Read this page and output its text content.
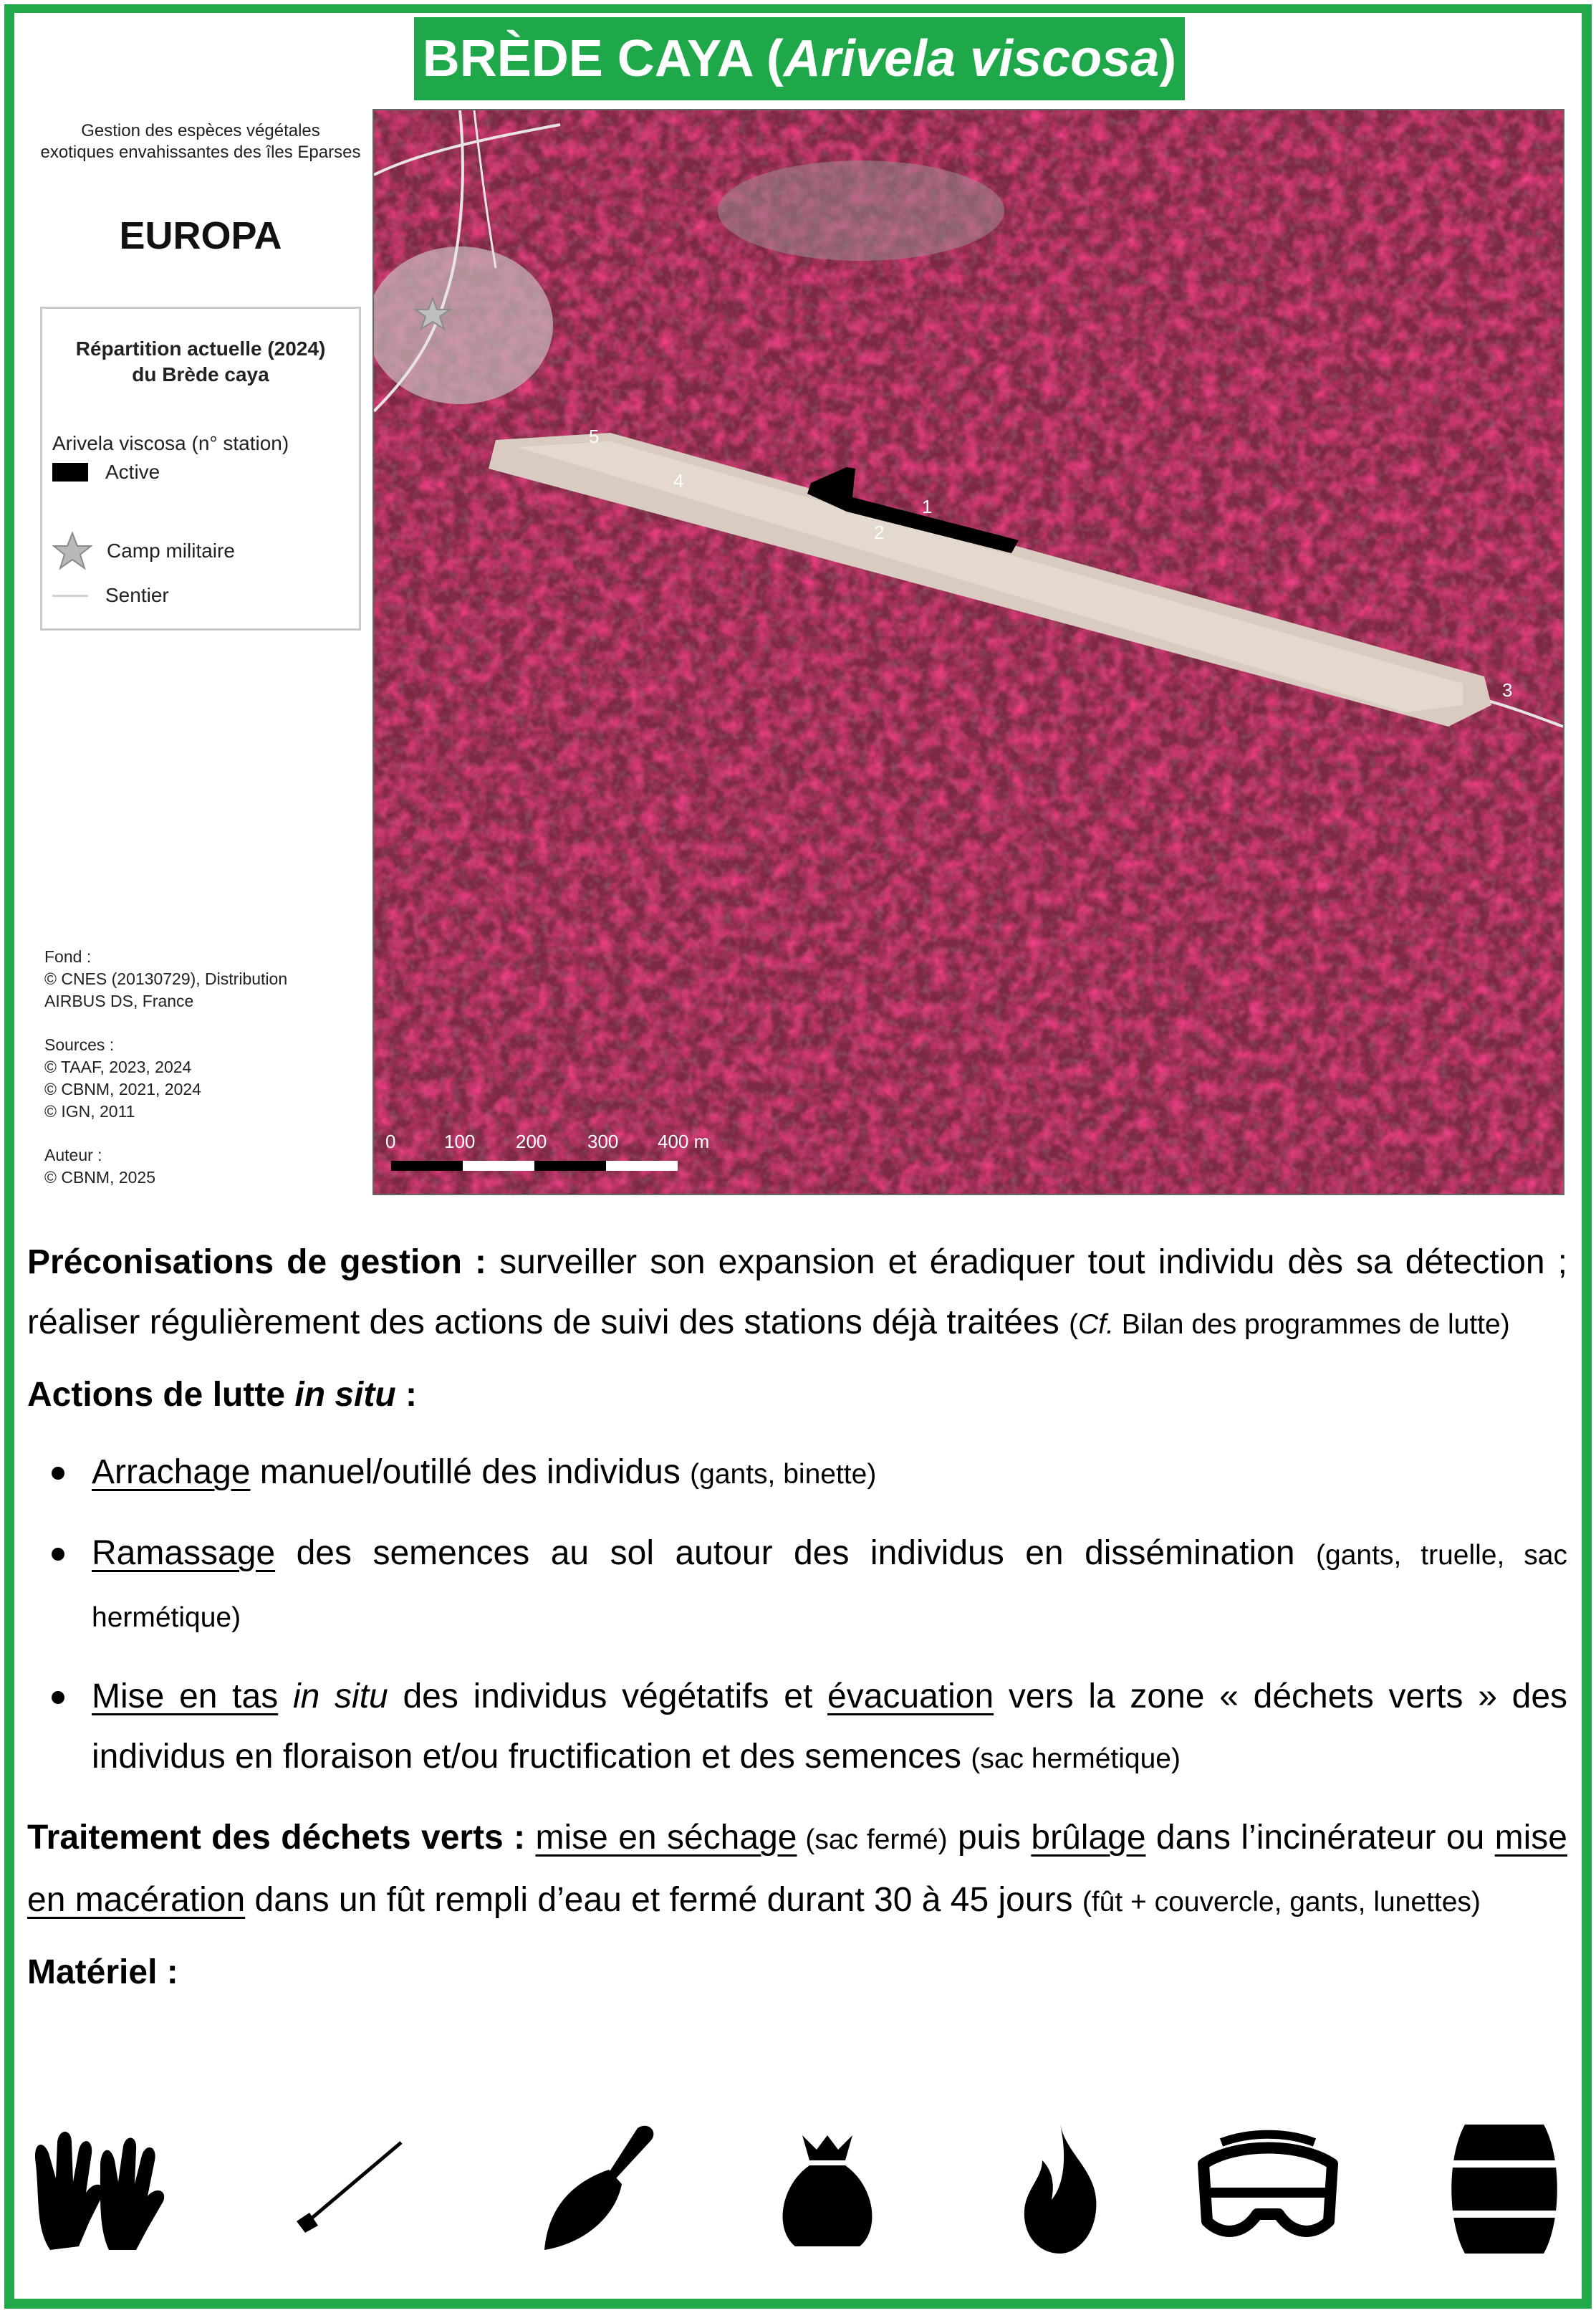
BRÈDE CAYA (Arivela viscosa)
Gestion des espèces végétales
exotiques envahissantes des îles Eparses
EUROPA
Répartition actuelle (2024)
du Brède caya
Arivela viscosa (n° station)
Active
Camp militaire
Sentier
Fond :
© CNES (20130729), Distribution
AIRBUS DS, France
Sources :
© TAAF, 2023, 2024
© CBNM, 2021, 2024
© IGN, 2011
Auteur :
© CBNM, 2025
3
1
2
4
5
0	100 200 300 400 m

Préconisations de gestion : surveiller son expansion et éradiquer tout individu dès sa détection ; réaliser régulièrement des actions de suivi des stations déjà traitées (Cf. Bilan des programmes de lutte)

Actions de lutte in situ :

Arrachage manuel/outillé des individus (gants, binette)
Ramassage des semences au sol autour des individus en dissémination (gants, truelle, sac hermétique)
Mise en tas in situ des individus végétatifs et évacuation vers la zone « déchets verts » des individus en floraison et/ou fructification et des semences (sac hermétique)

Traitement des déchets verts : mise en séchage (sac fermé) puis brûlage dans l’incinérateur ou mise en macération dans un fût rempli d’eau et fermé durant 30 à 45 jours (fût + couvercle, gants, lunettes)

Matériel :
